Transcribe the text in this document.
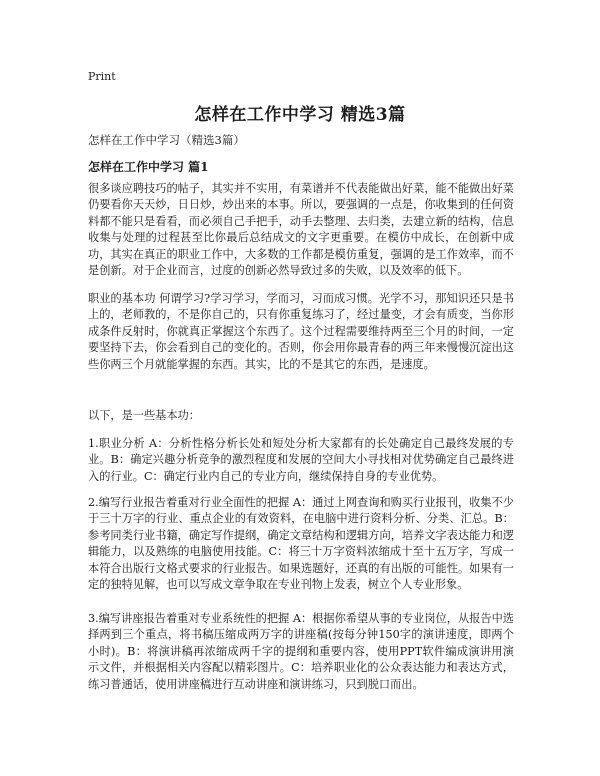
Print
怎样在工作中学习 精选3篇
怎样在工作中学习（精选3篇）
怎样在工作中学习 篇1

很多谈应聘技巧的帖子，其实并不实用，有菜谱并不代表能做出好菜，能不能做出好菜仍要看你天天炒，日日炒，炒出来的本事。所以，要强调的一点是，你收集到的任何资料都不能只是看看，而必须自己手把手，动手去整理、去归类，去建立新的结构，信息收集与处理的过程甚至比你最后总结成文的文字更重要。在模仿中成长，在创新中成功，其实在真正的职业工作中，大多数的工作都是模仿重复，强调的是工作效率，而不是创新。对于企业而言，过度的创新必然导致过多的失败，以及效率的低下。

职业的基本功 何谓学习?学习学习，学而习，习而成习惯。光学不习，那知识还只是书上的，老师教的，不是你自己的，只有你重复练习了，经过量变，才会有质变，当你形成条件反射时，你就真正掌握这个东西了。这个过程需要维持两至三个月的时间，一定要坚持下去，你会看到自己的变化的。否则，你会用你最青春的两三年来慢慢沉淀出这些你两三个月就能掌握的东西。其实，比的不是其它的东西，是速度。

以下，是一些基本功：

1.职业分析 A：分析性格分析长处和短处分析大家都有的长处确定自己最终发展的专业。B：确定兴趣分析竞争的激烈程度和发展的空间大小寻找相对优势确定自己最终进入的行业。C：确定行业内自己的专业方向，继续保持自身的专业优势。

2.编写行业报告着重对行业全面性的把握 A：通过上网查询和购买行业报刊，收集不少于三十万字的行业、重点企业的有效资料，在电脑中进行资料分析、分类、汇总。B：参考同类行业书籍，确定写作提纲，确定文章结构和逻辑方向，培养文字表达能力和逻辑能力，以及熟练的电脑使用技能。C：将三十万字资料浓缩成十至十五万字，写成一本符合出版行文格式要求的行业报告。如果选题好，还真的有出版的可能性。如果有一定的独特见解，也可以写成文章争取在专业刊物上发表，树立个人专业形象。

3.编写讲座报告着重对专业系统性的把握 A：根据你希望从事的专业岗位，从报告中选择两到三个重点，将书稿压缩成两万字的讲座稿(按每分钟150字的演讲速度，即两个小时)。B：将演讲稿再浓缩成两千字的提纲和重要内容，使用PPT软件编成演讲用演示文件，并根据相关内容配以精彩图片。C：培养职业化的公众表达能力和表达方式，练习普通话，使用讲座稿进行互动讲座和演讲练习，只到脱口而出。
